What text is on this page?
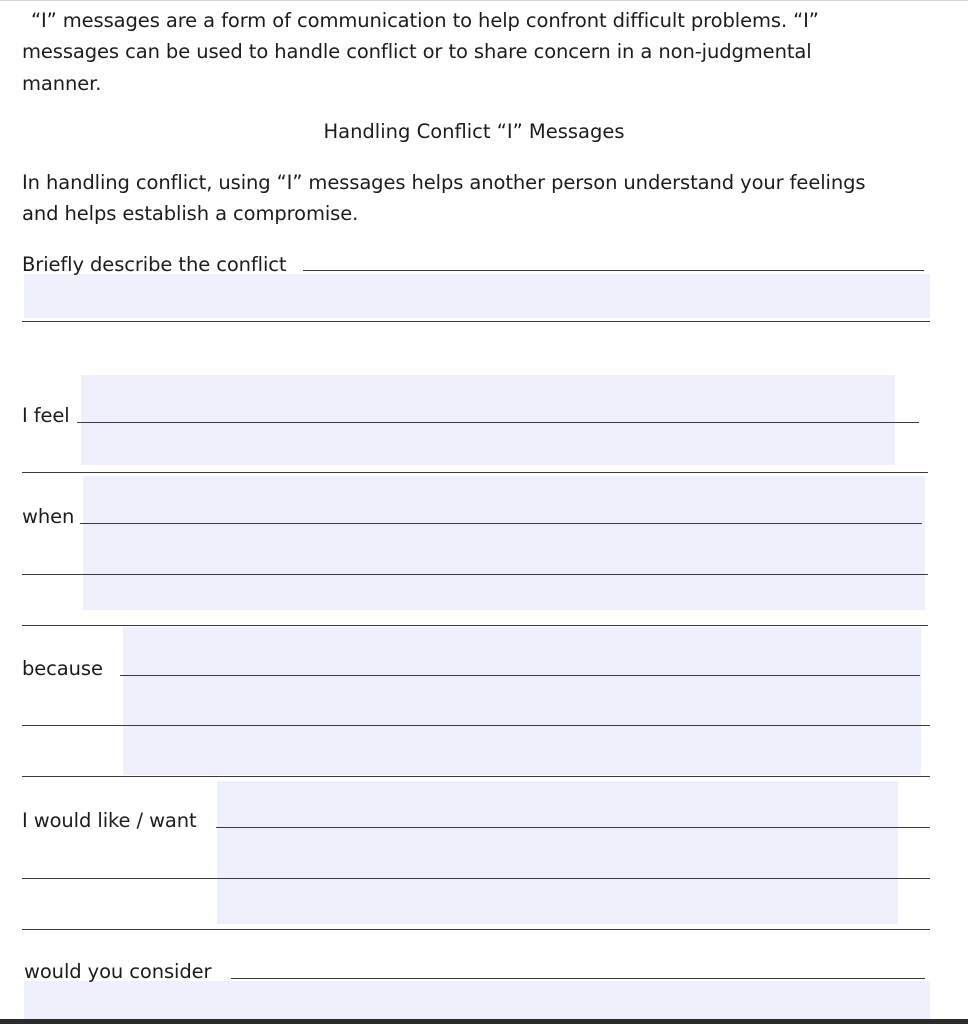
“I” messages are a form of communication to help confront difficult problems. “I”
messages can be used to handle conflict or to share concern in a non-judgmental
manner.
Handling Conflict “I” Messages
In handling conflict, using “I” messages helps another person understand your feelings
and helps establish a compromise.
Briefly describe the conflict
I feel
when
because
I would like / want
would you consider
